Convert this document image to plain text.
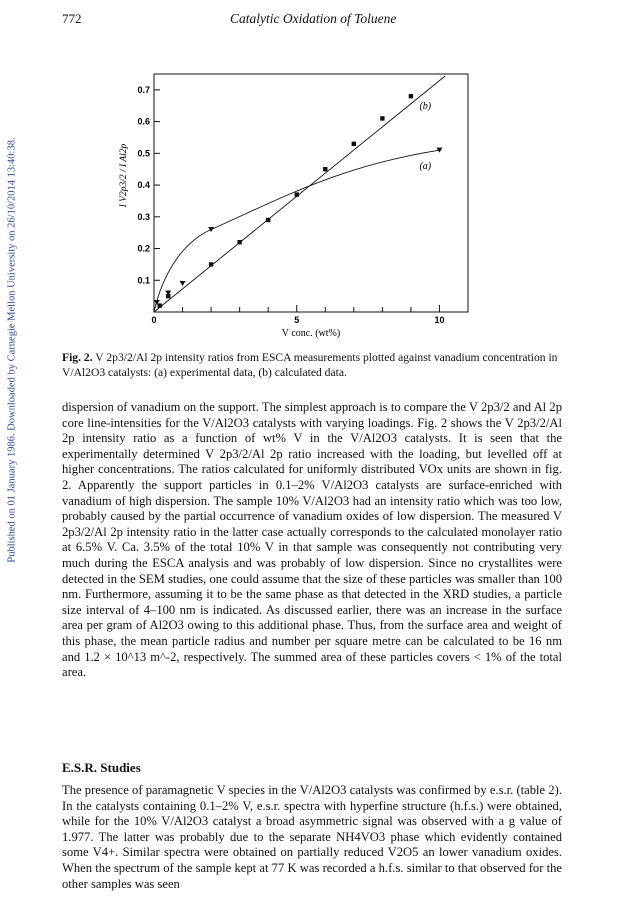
Published on 01 January 1986. Downloaded by Carnegie Mellon University on 26/10/2014 13:40:38.
772	Catalytic Oxidation of Toluene
0.1
0.2
0.3
0.4
0.5
0.6
0.7
0	5	10
V conc. (wt%)
I V2p3/2 / I Al2p	(a)
(b)
Fig. 2. V 2p3/2/Al 2p intensity ratios from ESCA measurements plotted against vanadium concentration in V/Al2O3 catalysts: (a) experimental data, (b) calculated data.

dispersion of vanadium on the support. The simplest approach is to compare the V 2p3/2 and Al 2p core line-intensities for the V/Al2O3 catalysts with varying loadings. Fig. 2 shows the V 2p3/2/Al 2p intensity ratio as a function of wt% V in the V/Al2O3 catalysts. It is seen that the experimentally determined V 2p3/2/Al 2p ratio increased with the loading, but levelled off at higher concentrations. The ratios calculated for uniformly distributed VOx units are shown in fig. 2. Apparently the support particles in 0.1–2% V/Al2O3 catalysts are surface-enriched with vanadium of high dispersion. The sample 10% V/Al2O3 had an intensity ratio which was too low, probably caused by the partial occurrence of vanadium oxides of low dispersion. The measured V 2p3/2/Al 2p intensity ratio in the latter case actually corresponds to the calculated monolayer ratio at 6.5% V. Ca. 3.5% of the total 10% V in that sample was consequently not contributing very much during the ESCA analysis and was probably of low dispersion. Since no crystallites were detected in the SEM studies, one could assume that the size of these particles was smaller than 100 nm. Furthermore, assuming it to be the same phase as that detected in the XRD studies, a particle size interval of 4–100 nm is indicated. As discussed earlier, there was an increase in the surface area per gram of Al2O3 owing to this additional phase. Thus, from the surface area and weight of this phase, the mean particle radius and number per square metre can be calculated to be 16 nm and 1.2 × 10^13 m^-2, respectively. The summed area of these particles covers < 1% of the total area.

E.S.R. Studies

The presence of paramagnetic V species in the V/Al2O3 catalysts was confirmed by e.s.r. (table 2). In the catalysts containing 0.1–2% V, e.s.r. spectra with hyperfine structure (h.f.s.) were obtained, while for the 10% V/Al2O3 catalyst a broad asymmetric signal was observed with a g value of 1.977. The latter was probably due to the separate NH4VO3 phase which evidently contained some V4+. Similar spectra were obtained on partially reduced V2O5 an lower vanadium oxides. When the spectrum of the sample kept at 77 K was recorded a h.f.s. similar to that observed for the other samples was seen
